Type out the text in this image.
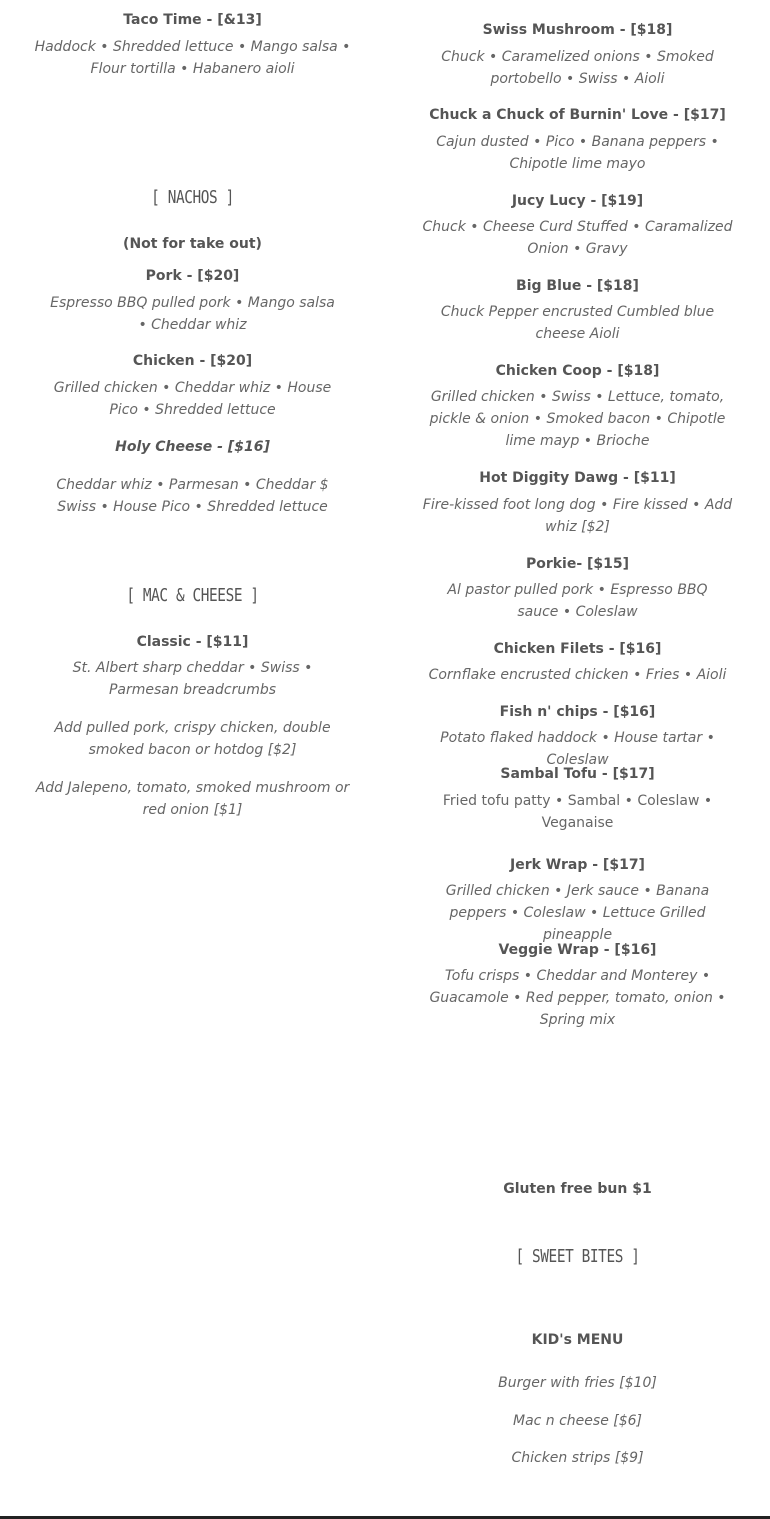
Taco Time - [&13]
Haddock • Shredded lettuce • Mango salsa • Flour tortilla • Habanero aioli
[ NACHOS ]
(Not for take out)
Pork - [$20]
Espresso BBQ pulled pork • Mango salsa • Cheddar whiz
Chicken - [$20]
Grilled chicken • Cheddar whiz • House Pico • Shredded lettuce
Holy Cheese - [$16]
Cheddar whiz • Parmesan • Cheddar $ Swiss • House Pico • Shredded lettuce
[ MAC & CHEESE ]
Classic - [$11]
St. Albert sharp cheddar • Swiss • Parmesan breadcrumbs
Add pulled pork, crispy chicken, double smoked bacon or hotdog [$2]
Add Jalepeno, tomato, smoked mushroom or red onion [$1]
Swiss Mushroom - [$18]
Chuck • Caramelized onions • Smoked portobello • Swiss • Aioli
Chuck a Chuck of Burnin' Love - [$17]
Cajun dusted • Pico • Banana peppers • Chipotle lime mayo
Jucy Lucy - [$19]
Chuck • Cheese Curd Stuffed • Caramalized Onion • Gravy
Big Blue - [$18]
Chuck Pepper encrusted Cumbled blue cheese Aioli
Chicken Coop - [$18]
Grilled chicken • Swiss • Lettuce, tomato, pickle & onion • Smoked bacon • Chipotle lime mayp • Brioche
Hot Diggity Dawg - [$11]
Fire-kissed foot long dog • Fire kissed • Add whiz [$2]
Porkie- [$15]
Al pastor pulled pork • Espresso BBQ sauce • Coleslaw
Chicken Filets - [$16]
Cornflake encrusted chicken • Fries • Aioli
Fish n' chips - [$16]
Potato flaked haddock • House tartar • Coleslaw
Sambal Tofu - [$17]
Fried tofu patty • Sambal • Coleslaw • Veganaise
Jerk Wrap - [$17]
Grilled chicken • Jerk sauce • Banana peppers • Coleslaw • Lettuce Grilled pineapple
Veggie Wrap - [$16]
Tofu crisps • Cheddar and Monterey • Guacamole • Red pepper, tomato, onion • Spring mix
Gluten free bun $1
[ SWEET BITES ]
KID's MENU
Burger with fries [$10]
Mac n cheese [$6]
Chicken strips [$9]
